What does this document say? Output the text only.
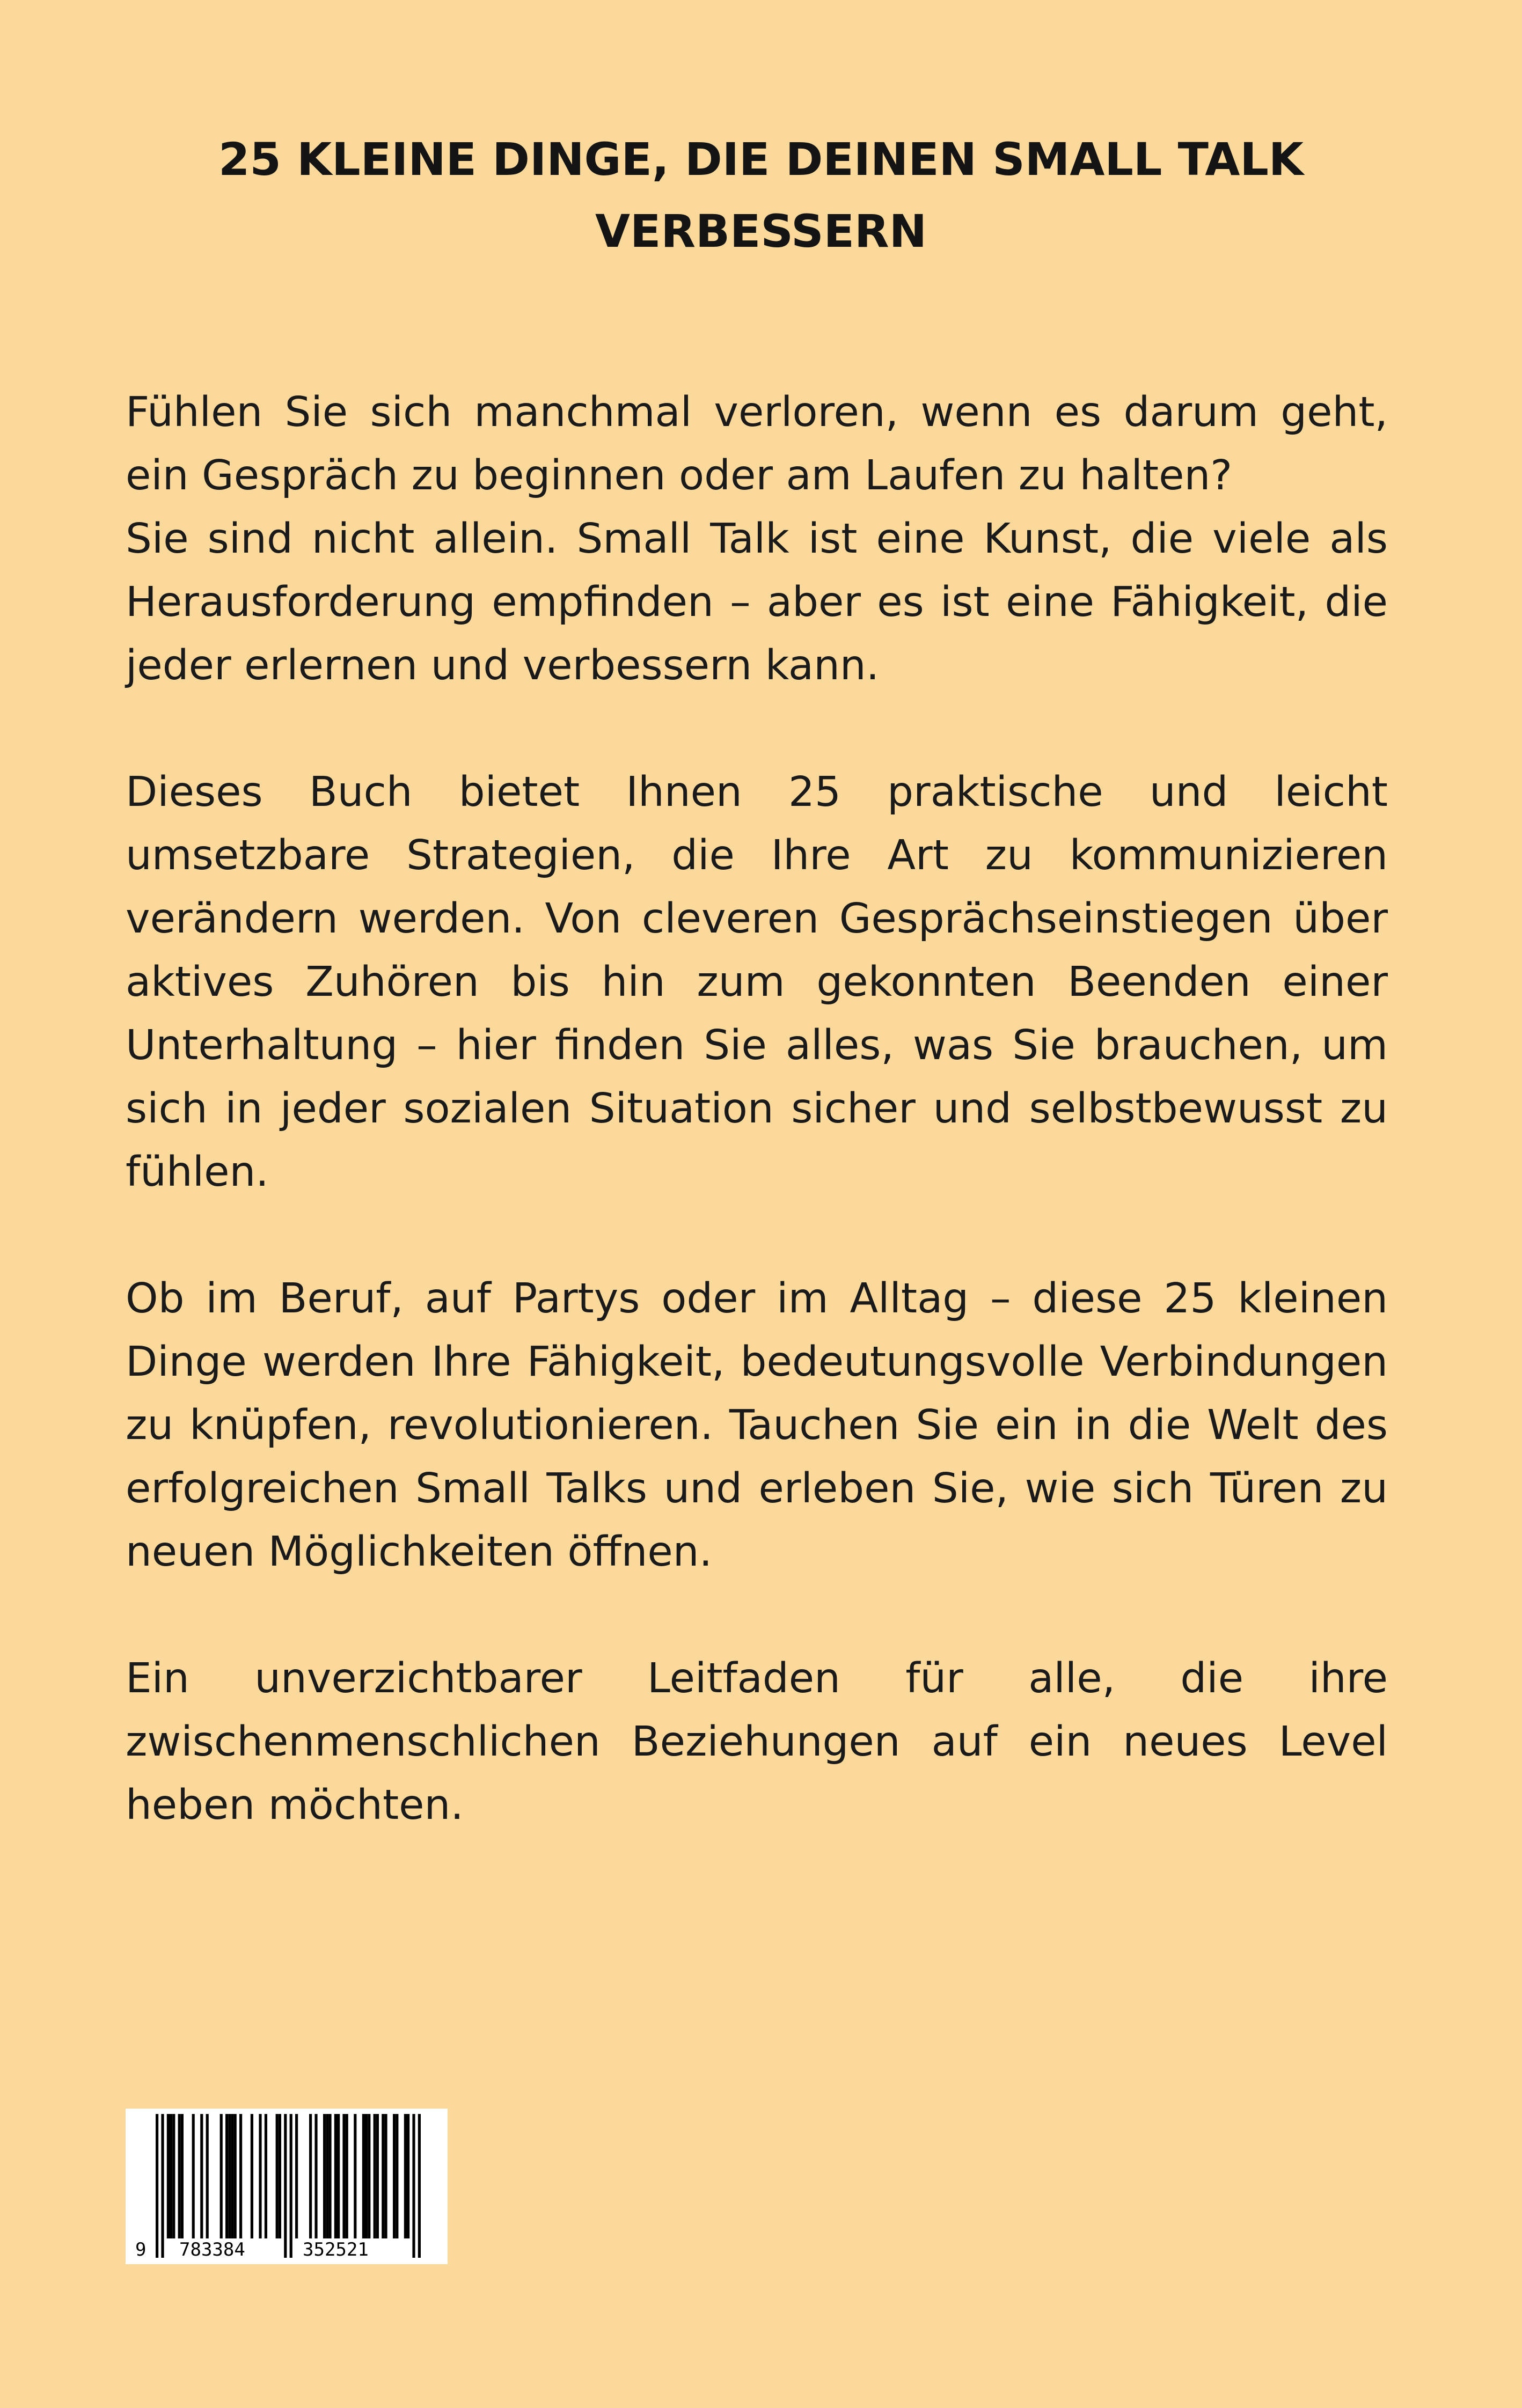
25 KLEINE DINGE, DIE DEINEN SMALL TALK
VERBESSERN
Fühlen Sie sich manchmal verloren, wenn es darum geht, ein Gespräch zu beginnen oder am Laufen zu halten?
Sie sind nicht allein. Small Talk ist eine Kunst, die viele als Herausforderung empfinden – aber es ist eine Fähigkeit, die jeder erlernen und verbessern kann.
Dieses Buch bietet Ihnen 25 praktische und leicht umsetzbare Strategien, die Ihre Art zu kommunizieren verändern werden. Von cleveren Gesprächseinstiegen über aktives Zuhören bis hin zum gekonnten Beenden einer Unterhaltung – hier finden Sie alles, was Sie brauchen, um sich in jeder sozialen Situation sicher und selbstbewusst zu fühlen.
Ob im Beruf, auf Partys oder im Alltag – diese 25 kleinen Dinge werden Ihre Fähigkeit, bedeutungsvolle Verbindungen zu knüpfen, revolutionieren. Tauchen Sie ein in die Welt des erfolgreichen Small Talks und erleben Sie, wie sich Türen zu neuen Möglichkeiten öffnen.
Ein unverzichtbarer Leitfaden für alle, die ihre zwischenmenschlichen Beziehungen auf ein neues Level heben möchten.
9 783384	352521
